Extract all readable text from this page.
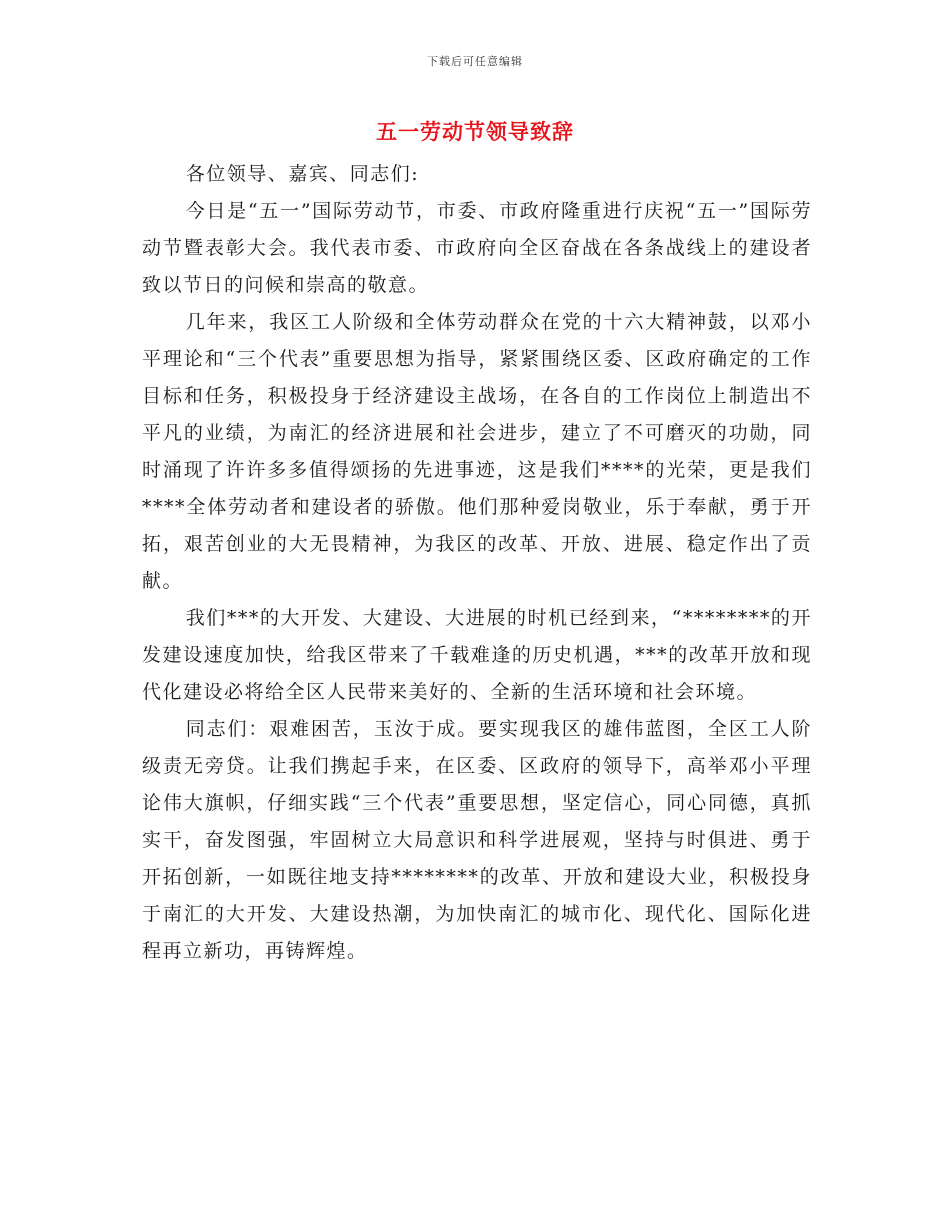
下载后可任意编辑
五一劳动节领导致辞

各位领导、嘉宾、同志们:

今日是“五一”国际劳动节，市委、市政府隆重进行庆祝“五一”国际劳动节暨表彰大会。我代表市委、市政府向全区奋战在各条战线上的建设者致以节日的问候和崇高的敬意。

几年来，我区工人阶级和全体劳动群众在党的十六大精神鼓，以邓小平理论和“三个代表”重要思想为指导，紧紧围绕区委、区政府确定的工作目标和任务，积极投身于经济建设主战场，在各自的工作岗位上制造出不平凡的业绩，为南汇的经济进展和社会进步，建立了不可磨灭的功勋，同时涌现了许许多多值得颂扬的先进事迹，这是我们****的光荣，更是我们****全体劳动者和建设者的骄傲。他们那种爱岗敬业，乐于奉献，勇于开拓，艰苦创业的大无畏精神，为我区的改革、开放、进展、稳定作出了贡献。

我们***的大开发、大建设、大进展的时机已经到来，“********的开发建设速度加快，给我区带来了千载难逢的历史机遇，***的改革开放和现代化建设必将给全区人民带来美好的、全新的生活环境和社会环境。

同志们：艰难困苦，玉汝于成。要实现我区的雄伟蓝图，全区工人阶级责无旁贷。让我们携起手来，在区委、区政府的领导下，高举邓小平理论伟大旗帜，仔细实践“三个代表”重要思想，坚定信心，同心同德，真抓实干，奋发图强，牢固树立大局意识和科学进展观，坚持与时俱进、勇于开拓创新，一如既往地支持********的改革、开放和建设大业，积极投身于南汇的大开发、大建设热潮，为加快南汇的城市化、现代化、国际化进程再立新功，再铸辉煌。
